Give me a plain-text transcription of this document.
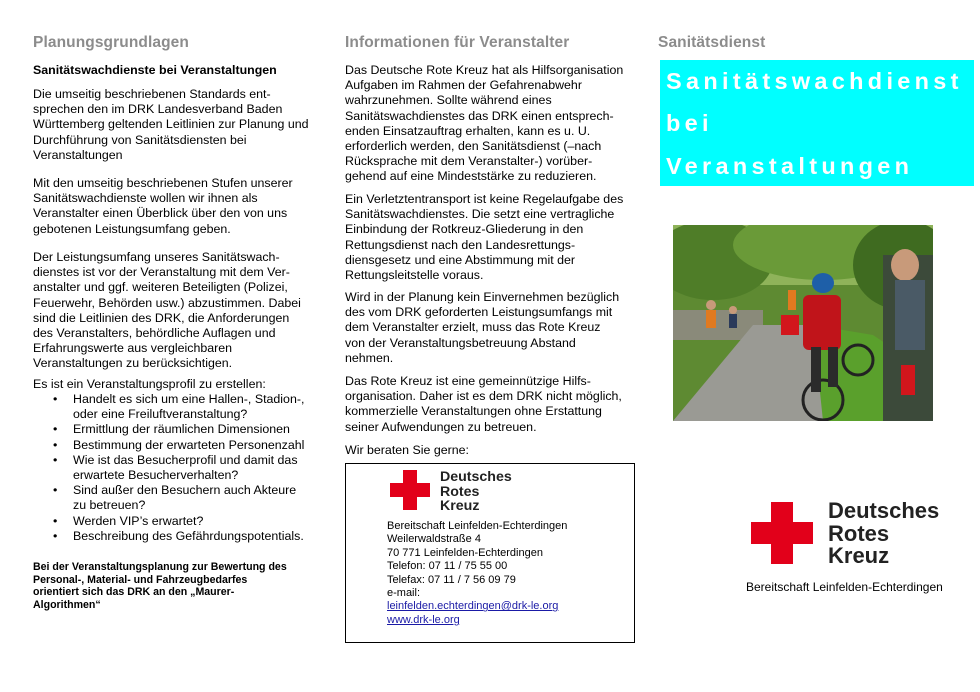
Planungsgrundlagen
Sanitätswachdienste bei Veranstaltungen
Die umseitig beschriebenen Standards ent-
sprechen den im DRK Landesverband Baden
Württemberg geltenden Leitlinien zur Planung und
Durchführung von Sanitätsdiensten bei
Veranstaltungen
Mit den umseitig beschriebenen Stufen unserer
Sanitätswachdienste wollen wir ihnen als
Veranstalter einen Überblick über den von uns
gebotenen Leistungsumfang geben.
Der Leistungsumfang unseres Sanitätswach-
dienstes ist vor der Veranstaltung mit dem Ver-
anstalter und ggf. weiteren Beteiligten (Polizei,
Feuerwehr, Behörden usw.) abzustimmen. Dabei
sind die Leitlinien des DRK, die Anforderungen
des Veranstalters, behördliche Auflagen und
Erfahrungswerte aus vergleichbaren
Veranstaltungen zu berücksichtigen.
Es ist ein Veranstaltungsprofil zu erstellen:
• Handelt es sich um eine Hallen-, Stadion-,
oder eine Freiluftveranstaltung?
• Ermittlung der räumlichen Dimensionen
• Bestimmung der erwarteten Personenzahl
• Wie ist das Besucherprofil und damit das
erwartete Besucherverhalten?
• Sind außer den Besuchern auch Akteure
zu betreuen?
• Werden VIP’s erwartet?
• Beschreibung des Gefährdungspotentials.
Bei der Veranstaltungsplanung zur Bewertung des
Personal-, Material- und Fahrzeugbedarfes
orientiert sich das DRK an den „Maurer-
Algorithmen“
Informationen für Veranstalter
Das Deutsche Rote Kreuz hat als Hilfsorganisation
Aufgaben im Rahmen der Gefahrenabwehr
wahrzunehmen. Sollte während eines
Sanitätswachdienstes das DRK einen entsprech-
enden Einsatzauftrag erhalten, kann es u. U.
erforderlich werden, den Sanitätsdienst (–nach
Rücksprache mit dem Veranstalter-) vorüber-
gehend auf eine Mindeststärke zu reduzieren.
Ein Verletztentransport ist keine Regelaufgabe des
Sanitätswachdienstes. Die setzt eine vertragliche
Einbindung der Rotkreuz-Gliederung in den
Rettungsdienst nach den Landesrettungs-
diensgesetz und eine Abstimmung mit der
Rettungsleitstelle voraus.
Wird in der Planung kein Einvernehmen bezüglich
des vom DRK geforderten Leistungsumfangs mit
dem Veranstalter erzielt, muss das Rote Kreuz
von der Veranstaltungsbetreuung Abstand
nehmen.
Das Rote Kreuz ist eine gemeinnützige Hilfs-
organisation. Daher ist es dem DRK nicht möglich,
kommerzielle Veranstaltungen ohne Erstattung
seiner Aufwendungen zu betreuen.
Wir beraten Sie gerne:
Deutsches
Rotes
Kreuz
Bereitschaft Leinfelden-Echterdingen
Weilerwaldstraße 4
70 771 Leinfelden-Echterdingen
Telefon: 07 11 / 75 55 00
Telefax: 07 11 / 7 56 09 79
e-mail:
leinfelden.echterdingen@drk-le.org
www.drk-le.org
Sanitätsdienst
Sanitätswachdienst
bei
Veranstaltungen
Deutsches
Rotes
Kreuz
Bereitschaft Leinfelden-Echterdingen
